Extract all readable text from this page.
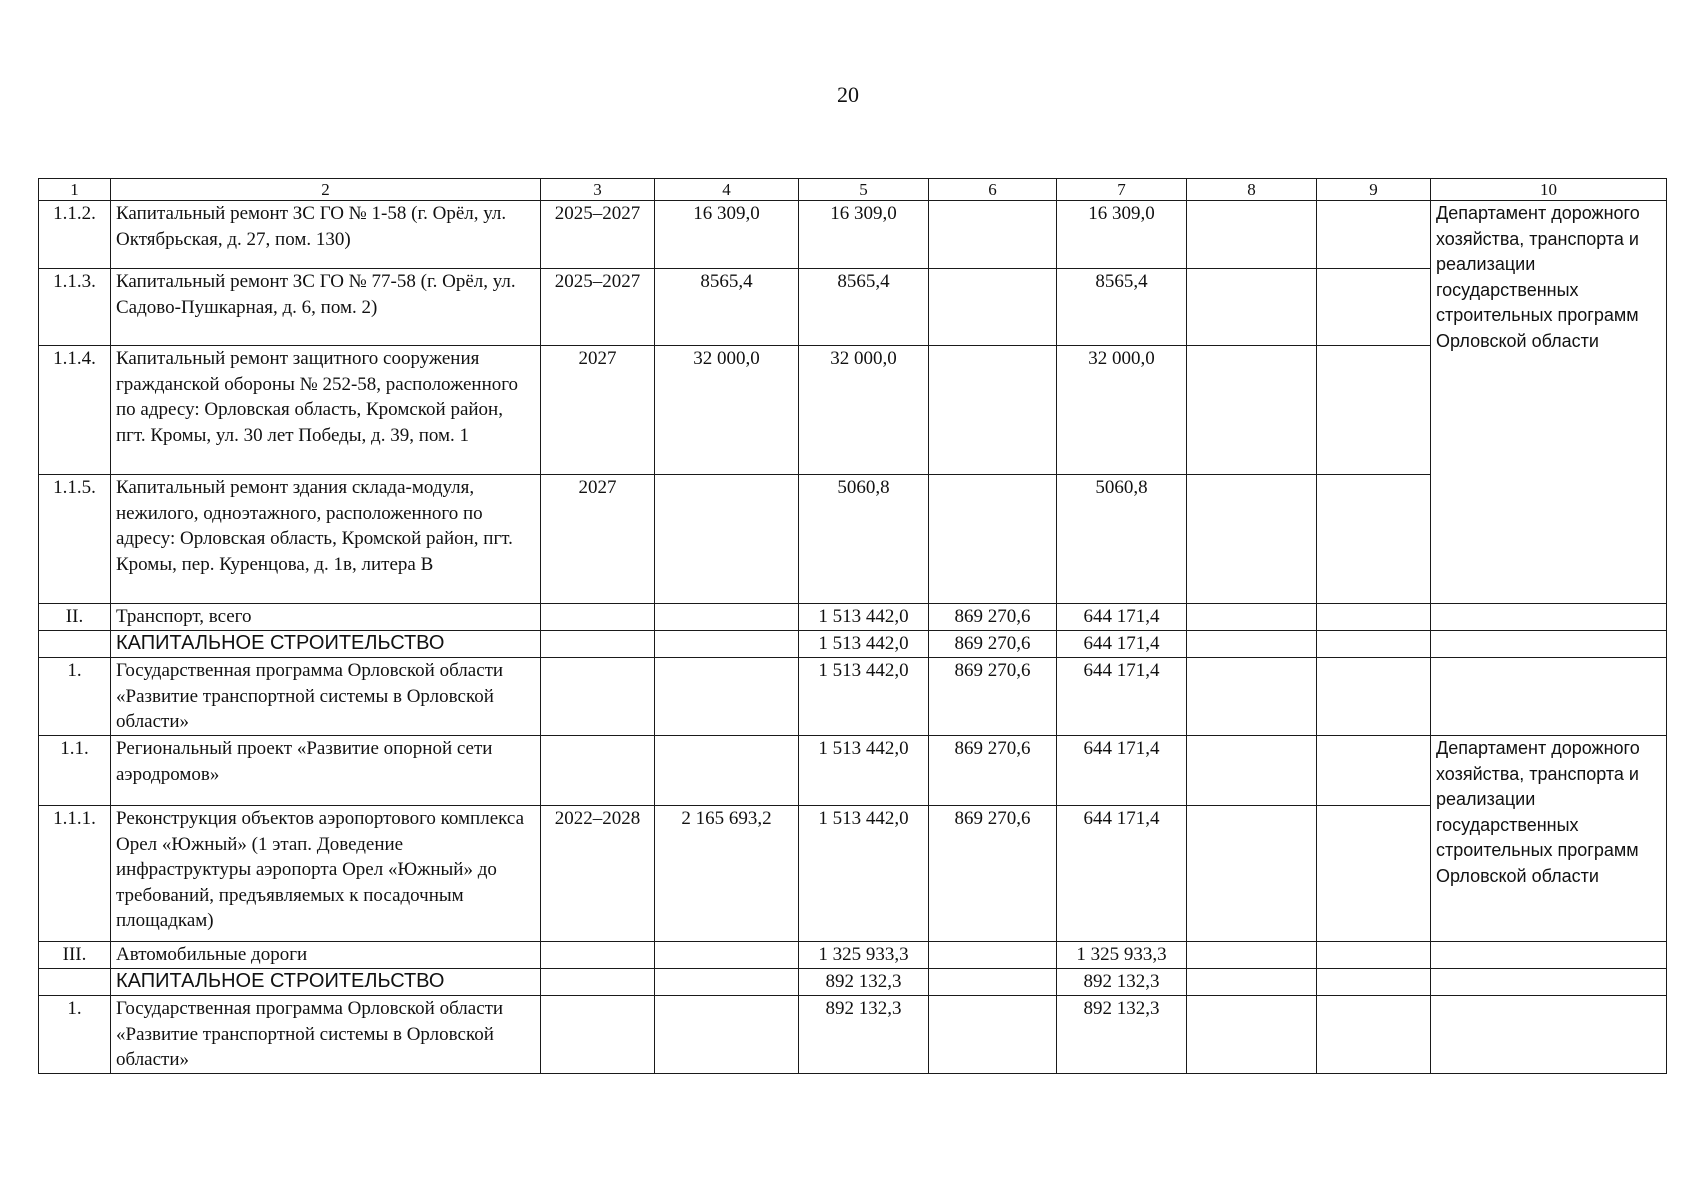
20
1	2	3	4	5	6	7	8	9	10
1.1.2.	Капитальный ремонт ЗС ГО № 1-58 (г. Орёл, ул. Октябрьская, д. 27, пом. 130)	2025–2027	16 309,0	16 309,0		16 309,0			Департамент дорожного хозяйства, транспорта и реализации государственных строительных программ Орловской области
1.1.3.	Капитальный ремонт ЗС ГО № 77-58 (г. Орёл, ул. Садово-Пушкарная, д. 6, пом. 2)	2025–2027	8565,4	8565,4		8565,4			
1.1.4.	Капитальный ремонт защитного сооружения гражданской обороны № 252-58, расположенного по адресу: Орловская область, Кромской район, пгт. Кромы, ул. 30 лет Победы, д. 39, пом. 1	2027	32 000,0	32 000,0		32 000,0			
1.1.5.	Капитальный ремонт здания склада-модуля, нежилого, одноэтажного, расположенного по адресу: Орловская область, Кромской район, пгт. Кромы, пер. Куренцова, д. 1в, литера В	2027		5060,8		5060,8			
II.	Транспорт, всего			1 513 442,0	869 270,6	644 171,4			
	КАПИТАЛЬНОЕ СТРОИТЕЛЬСТВО			1 513 442,0	869 270,6	644 171,4			
1.	Государственная программа Орловской области «Развитие транспортной системы в Орловской области»			1 513 442,0	869 270,6	644 171,4			
1.1.	Региональный проект «Развитие опорной сети аэродромов»			1 513 442,0	869 270,6	644 171,4			Департамент дорожного хозяйства, транспорта и реализации государственных строительных программ Орловской области
1.1.1.	Реконструкция объектов аэропортового комплекса Орел «Южный» (1 этап. Доведение инфраструктуры аэропорта Орел «Южный» до требований, предъявляемых к посадочным площадкам)	2022–2028	2 165 693,2	1 513 442,0	869 270,6	644 171,4			
III.	Автомобильные дороги			1 325 933,3		1 325 933,3			
	КАПИТАЛЬНОЕ СТРОИТЕЛЬСТВО			892 132,3		892 132,3			
1.	Государственная программа Орловской области «Развитие транспортной системы в Орловской области»			892 132,3		892 132,3			
